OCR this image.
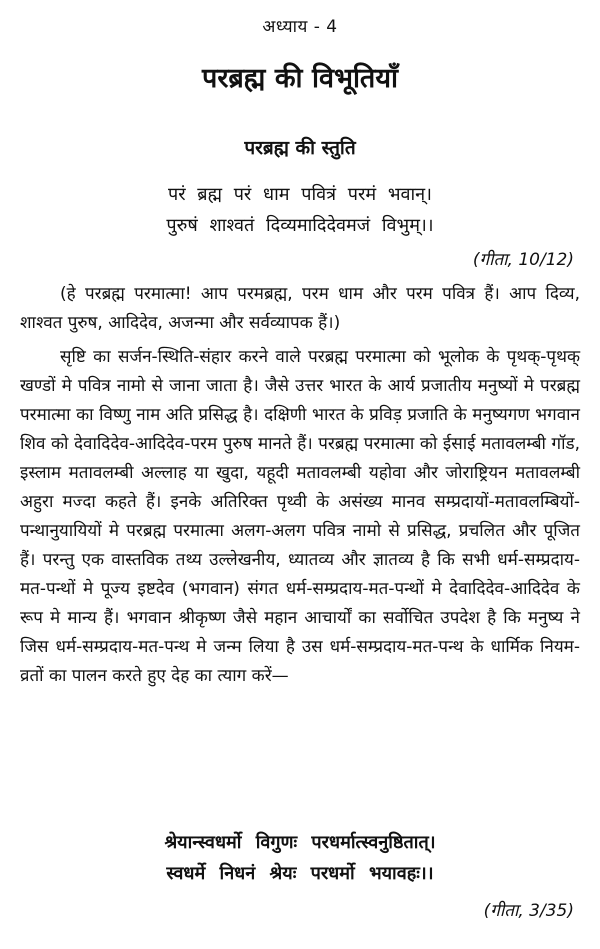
अध्याय - 4
परब्रह्म की विभूतियाँ
परब्रह्म की स्तुति
परं ब्रह्म परं धाम पवित्रं परमं भवान्।
पुरुषं शाश्वतं दिव्यमादिदेवमजं विभुम्।।
(गीता, 10/12)
(हे परब्रह्म परमात्मा! आप परमब्रह्म, परम धाम और परम पवित्र हैं। आप दिव्य, शाश्वत पुरुष, आदिदेव, अजन्मा और सर्वव्यापक हैं।)
सृष्टि का सर्जन-स्थिति-संहार करने वाले परब्रह्म परमात्मा को भूलोक के पृथक्-पृथक् खण्डों मे पवित्र नामो से जाना जाता है। जैसे उत्तर भारत के आर्य प्रजातीय मनुष्यों मे परब्रह्म परमात्मा का विष्णु नाम अति प्रसिद्ध है। दक्षिणी भारत के प्रविड़ प्रजाति के मनुष्यगण भगवान शिव को देवादिदेव-आदिदेव-परम पुरुष मानते हैं। परब्रह्म परमात्मा को ईसाई मतावलम्बी गॉड, इस्लाम मतावलम्बी अल्लाह या खुदा, यहूदी मतावलम्बी यहोवा और जोराष्ट्रियन मतावलम्बी अहुरा मज्दा कहते हैं। इनके अतिरिक्त पृथ्वी के असंख्य मानव सम्प्रदायों-मतावलम्बियों-पन्थानुयायियों मे परब्रह्म परमात्मा अलग-अलग पवित्र नामो से प्रसिद्ध, प्रचलित और पूजित हैं। परन्तु एक वास्तविक तथ्य उल्लेखनीय, ध्यातव्य और ज्ञातव्य है कि सभी धर्म-सम्प्रदाय-मत-पन्थों मे पूज्य इष्टदेव (भगवान) संगत धर्म-सम्प्रदाय-मत-पन्थों मे देवादिदेव-आदिदेव के रूप मे मान्य हैं। भगवान श्रीकृष्ण जैसे महान आचार्यों का सर्वोचित उपदेश है कि मनुष्य ने जिस धर्म-सम्प्रदाय-मत-पन्थ मे जन्म लिया है उस धर्म-सम्प्रदाय-मत-पन्थ के धार्मिक नियम-व्रतों का पालन करते हुए देह का त्याग करें—
श्रेयान्स्वधर्मो विगुणः परधर्मात्स्वनुष्ठितात्।
स्वधर्मे निधनं श्रेयः परधर्मो भयावहः।।
(गीता, 3/35)
